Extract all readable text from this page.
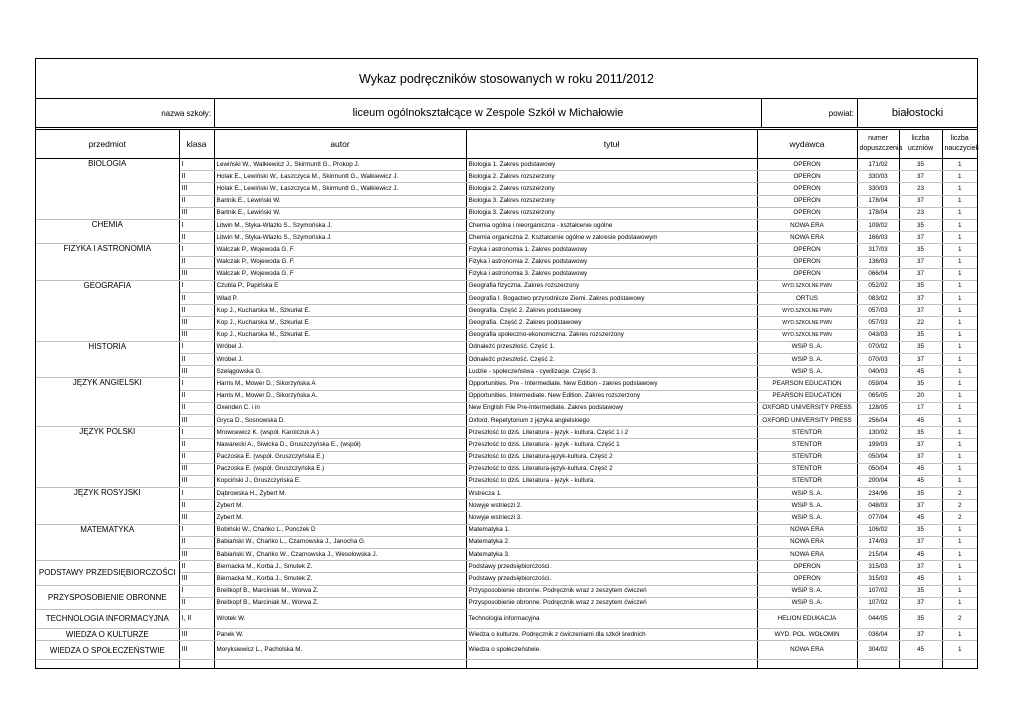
Wykaz podręczników stosowanych w roku 2011/2012
nazwa szkoły:	liceum ogólnokształcące w Zespole Szkół w Michałowie	powiat:	białostocki
przedmiot	klasa	autor	tytuł	wydawca	numer dopuszczenia	liczba uczniów	liczba nauczycieli
BIOLOGIA	I	Lewiński W., Walkiewicz J., Skirmuntt G., Prokop J.	Biologia 1. Zakres podstawowy	OPERON	171/02	35	1
	II	Holak E., Lewiński W., Łaszczyca M., Skirmuntt G., Walkiewicz J.	Biologia 2. Zakres rozszerzony	OPERON	330/03	37	1
	III	Holak E., Lewiński W., Łaszczyca M., Skirmuntt G., Walkiewicz J.	Biologia 2. Zakres rozszerzony	OPERON	330/03	23	1
	II	Bartnik E., Lewiński W.	Biologia 3. Zakres rozszerzony	OPERON	178/04	37	1
	III	Bartnik E., Lewiński W.	Biologia 3. Zakres rozszerzony	OPERON	178/04	23	1
CHEMIA	I	Litwin M., Styka-Wlazło S., Szymońska J.	Chemia ogólna i nieorganiczna - kształcenie ogólne	NOWA ERA	109/02	35	1
	II	Litwin M., Styka-Wlazło S., Szymońska J.	Chemia organiczna 2. Kształcenie ogólne w zakresie podstawowym	NOWA ERA	166/03	37	1
FIZYKA I ASTRONOMIA	I	Walczak P., Wojewoda G. F.	Fizyka i astronomia 1. Zakres podstawowy	OPERON	317/03	35	1
	II	Walczak P., Wojewoda G. F.	Fizyka i astronomia 2. Zakres podstawowy	OPERON	136/03	37	1
	III	Walczak P., Wojewoda G. F	Fizyka i astronomia 3. Zakres podstawowy	OPERON	066/04	37	1
GEOGRAFIA	I	Czubla P., Papińska E	Geografia fizyczna. Zakres rozszerzony	WYD.SZKOLNE PWN	052/02	35	1
	II	Wład P.	Geografia I. Bogactwo przyrodnicze Ziemi. Zakres podstawowy	ORTUS	083/02	37	1
	II	Kop J., Kucharska M., Szkurłat E.	Geografia. Część 2. Zakres podstawowy	WYD.SZKOLNE PWN	057/03	37	1
	III	Kop J., Kucharska M., Szkurłat E.	Geografia. Część 2. Zakres podstawowy	WYD.SZKOLNE PWN	057/03	22	1
	III	Kop J., Kucharska M., Szkurłat E.	Geografia społeczno-ekonomiczna. Zakres rozszerzony	WYD.SZKOLNE PWN	043/03	35	1
HISTORIA	I	Wróbel J.	Odnaleźć przeszłość. Część 1.	WSiP S. A.	070/02	35	1
	II	Wróbel J.	Odnaleźć przeszłość. Część 2.	WSiP S. A.	070/03	37	1
	III	Szelągowska G.	Ludzie - społeczeństwa - cywilizacje. Część 3.	WSiP S. A.	040/03	45	1
JĘZYK ANGIELSKI	I	Harris M., Mower D., Sikorzyńska A	Opportunities. Pre - Intermediate. New Edition - zakres podstawowy	PEARSON EDUCATION	059/04	35	1
	II	Harris M., Mower D., Sikorzyńska A.	Opportunities. Intermediate. New Edition. Zakres rozszerzony	PEARSON EDUCATION	065/05	20	1
	II	Oxenden C. i in	New English File Pre-Intermediate. Zakres podstawowy	OXFORD UNIVERSITY PRESS	128/05	17	1
	III	Gryca D., Sosnowska D.	Oxford. Repetytorium z języka angielskiego	OXFORD UNIVERSITY PRESS	256/04	45	1
JĘZYK POLSKI	I	Mrowcewicz K. (współ. Karolczuk A.)	Przeszłość to dziś. Literatura - język - kultura. Część 1 i 2	STENTOR	130/02	35	1
	II	Nawarecki A., Siwicka D., Gruszczyńska E., (współ)	Przeszłość to dziś. Literatura - język - kultura. Część 1	STENTOR	199/03	37	1
	II	Paczoska E. (współ. Gruszczyńska E.)	Przeszłość to dziś. Literatura-język-kultura. Część 2	STENTOR	050/04	37	1
	III	Paczoska E. (współ. Gruszczyńska E.)	Przeszłość to dziś. Literatura-język-kultura. Część 2	STENTOR	050/04	45	1
	III	Kopciński J., Gruszczyńska E.	Przeszłość to dziś. Literatura - język - kultura.	STENTOR	200/04	45	1
JĘZYK ROSYJSKI	I	Dąbrowska H., Zybert M.	Wstrecza 1.	WSiP S. A.	234/96	35	2
	II	Zybert M.	Nowyje wstrieczi 2.	WSiP S. A.	048/03	37	2
	III	Zybert M.	Nowyje wstrieczi 3.	WSiP S. A.	077/04	45	2
MATEMATYKA	I	Bobiński W., Chańko L., Ponczek D	Matematyka 1.	NOWA ERA	106/02	35	1
	II	Babiański W., Chańko L., Czarnowska J., Janocha G.	Matematyka 2.	NOWA ERA	174/03	37	1
	III	Babiański W., Chańko W., Czarnowska J., Wesołowska J.	Matematyka 3.	NOWA ERA	215/04	45	1
PODSTAWY PRZEDSIĘBIORCZOŚCI	II	Biernacka M., Korba J., Smutek Z.	Podstawy przedsiębiorczości.	OPERON	315/03	37	1
	III	Biernacka M., Korba J., Smutek Z.	Podstawy przedsiębiorczości.	OPERON	315/03	45	1
PRZYSPOSOBIENIE OBRONNE	I	Breitkopf B., Marciniak M., Worwa Z.	Przysposobienie obronne. Podręcznik wraz z zeszytem ćwiczeń	WSiP S. A.	107/02	35	1
	II	Breitkopf B., Marciniak M., Worwa Z.	Przysposobienie obronne. Podręcznik wraz z zeszytem ćwiczeń	WSiP S. A.	107/02	37	1
TECHNOLOGIA INFORMACYJNA	I, II	Wrotek W.	Technologia informacyjna	HELION EDUKACJA	044/05	35	2
WIEDZA O KULTURZE	III	Panek W.	Wiedza o kulturze. Podręcznik z ćwiczeniami dla szkół średnich	WYD. POL. WOŁOMIN	036/04	37	1
WIEDZA O SPOŁECZEŃSTWIE	III	Moryksiewicz L., Pacholska M.	Wiedza o społeczeństwie.	NOWA ERA	304/02	45	1
